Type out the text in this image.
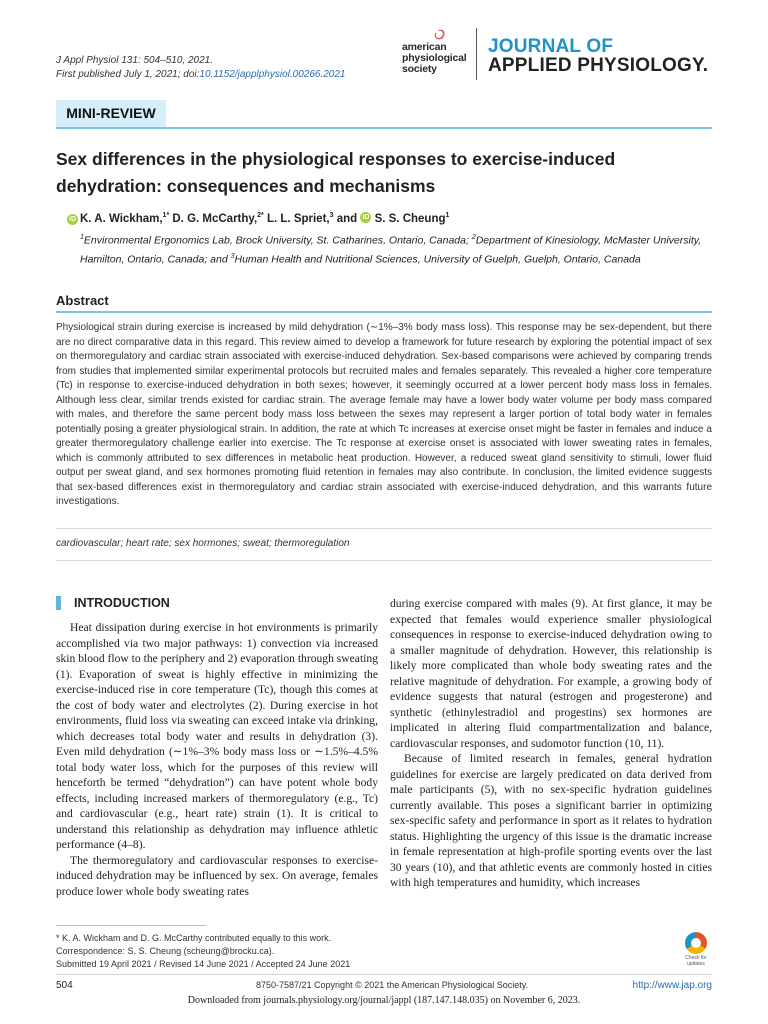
J Appl Physiol 131: 504–510, 2021.
First published July 1, 2021; doi:10.1152/japplphysiol.00266.2021
american
physiological
society
JOURNAL OF
APPLIED PHYSIOLOGY.
MINI-REVIEW
Sex differences in the physiological responses to exercise-induced dehydration: consequences and mechanisms
iD K. A. Wickham,$^{1*}$ D. G. McCarthy,$^{2*}$ L. L. Spriet,$^3$ and iD S. S. Cheung$^1$
$^1$Environmental Ergonomics Lab, Brock University, St. Catharines, Ontario, Canada; $^2$Department of Kinesiology, McMaster University, Hamilton, Ontario, Canada; and $^3$Human Health and Nutritional Sciences, University of Guelph, Guelph, Ontario, Canada
Abstract
Physiological strain during exercise is increased by mild dehydration (∼1%–3% body mass loss). This response may be sex-dependent, but there are no direct comparative data in this regard. This review aimed to develop a framework for future research by exploring the potential impact of sex on thermoregulatory and cardiac strain associated with exercise-induced dehydration. Sex-based comparisons were achieved by comparing trends from studies that implemented similar experimental protocols but recruited males and females separately. This revealed a higher core temperature (Tc) in response to exercise-induced dehydration in both sexes; however, it seemingly occurred at a lower percent body mass loss in females. Although less clear, similar trends existed for cardiac strain. The average female may have a lower body water volume per body mass compared with males, and therefore the same percent body mass loss between the sexes may represent a larger portion of total body water in females potentially posing a greater physiological strain. In addition, the rate at which Tc increases at exercise onset might be faster in females and induce a greater thermoregulatory challenge earlier into exercise. The Tc response at exercise onset is associated with lower sweating rates in females, which is commonly attributed to sex differences in metabolic heat production. However, a reduced sweat gland sensitivity to stimuli, lower fluid output per sweat gland, and sex hormones promoting fluid retention in females may also contribute. In conclusion, the limited evidence suggests that sex-based differences exist in thermoregulatory and cardiac strain associated with exercise-induced dehydration, and this warrants future investigations.
cardiovascular; heart rate; sex hormones; sweat; thermoregulation
INTRODUCTION

Heat dissipation during exercise in hot environments is primarily accomplished via two major pathways: 1) convection via increased skin blood flow to the periphery and 2) evaporation through sweating (1). Evaporation of sweat is highly effective in minimizing the exercise-induced rise in core temperature (Tc), though this comes at the cost of body water and electrolytes (2). During exercise in hot environments, fluid loss via sweating can exceed intake via drinking, which decreases total body water and results in dehydration (3). Even mild dehydration (∼1%–3% body mass loss or ∼1.5%–4.5% total body water loss, which for the purposes of this review will henceforth be termed “dehydration”) can have potent whole body effects, including increased markers of thermoregulatory (e.g., Tc) and cardiovascular (e.g., heart rate) strain (1). It is critical to understand this relationship as dehydration may influence athletic performance (4–8).

The thermoregulatory and cardiovascular responses to exercise-induced dehydration may be influenced by sex. On average, females produce lower whole body sweating rates

during exercise compared with males (9). At first glance, it may be expected that females would experience smaller physiological consequences in response to exercise-induced dehydration owing to a smaller magnitude of dehydration. However, this relationship is likely more complicated than whole body sweating rates and the relative magnitude of dehydration. For example, a growing body of evidence suggests that natural (estrogen and progesterone) and synthetic (ethinylestradiol and progestins) sex hormones are implicated in altering fluid compartmentalization and balance, cardiovascular responses, and sudomotor function (10, 11).

Because of limited research in females, general hydration guidelines for exercise are largely predicated on data derived from male participants (5), with no sex-specific hydration guidelines currently available. This poses a significant barrier in optimizing sex-specific safety and performance in sport as it relates to hydration status. Highlighting the urgency of this issue is the dramatic increase in female representation at high-profile sporting events over the last 30 years (10), and that athletic events are commonly hosted in cities with high temperatures and humidity, which increases

* K. A. Wickham and D. G. McCarthy contributed equally to this work.
Correspondence: S. S. Cheung (scheung@brocku.ca).
Submitted 19 April 2021 / Revised 14 June 2021 / Accepted 24 June 2021
Check for updates
504	8750-7587/21 Copyright © 2021 the American Physiological Society.	http://www.jap.org
Downloaded from journals.physiology.org/journal/jappl (187.147.148.035) on November 6, 2023.
